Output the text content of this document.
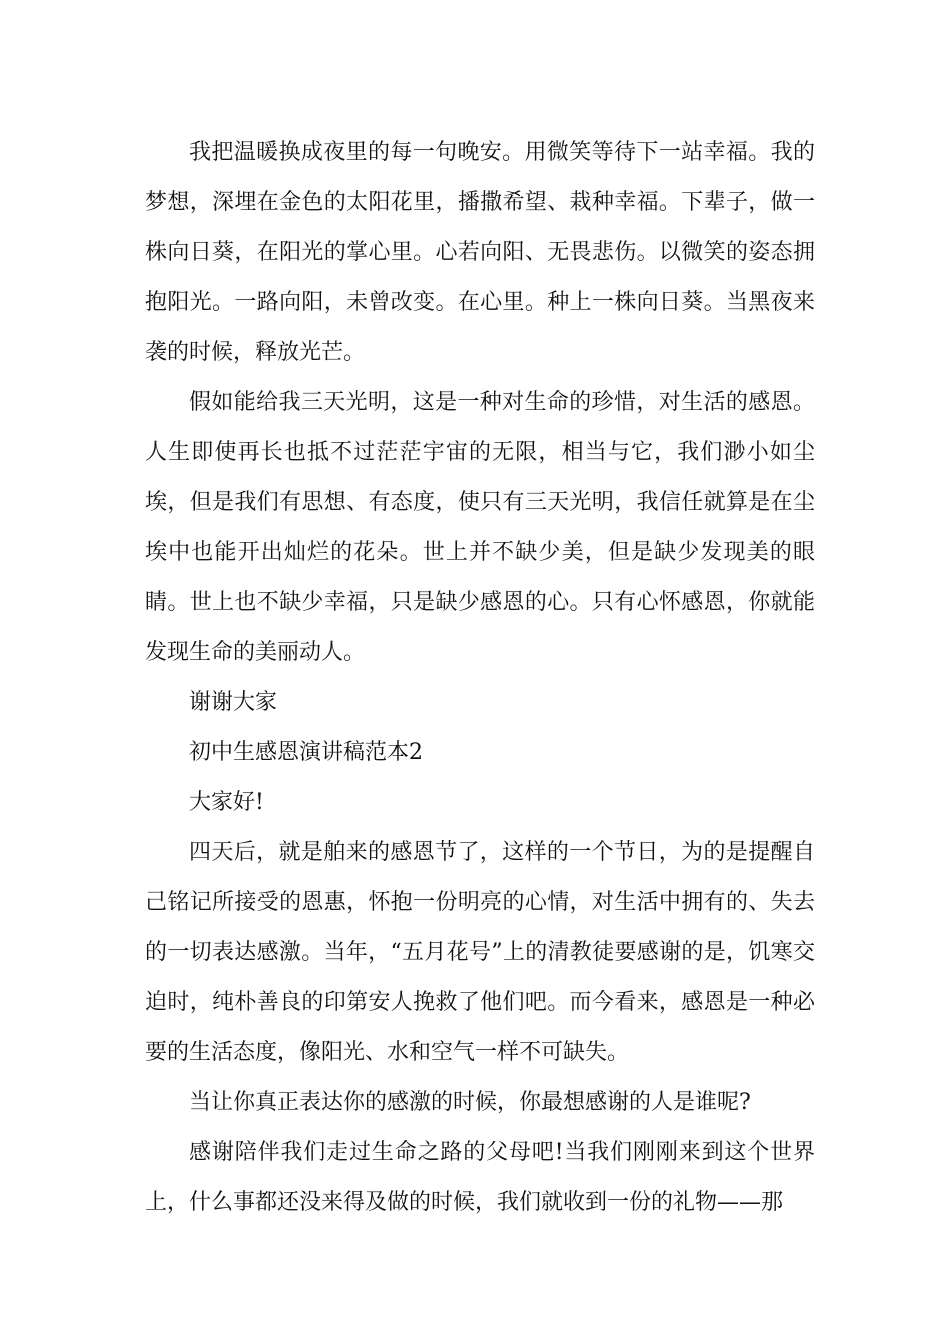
我把温暖换成夜里的每一句晚安。用微笑等待下一站幸福。我的梦想，深埋在金色的太阳花里，播撒希望、栽种幸福。下辈子，做一株向日葵，在阳光的掌心里。心若向阳、无畏悲伤。以微笑的姿态拥抱阳光。一路向阳，未曾改变。在心里。种上一株向日葵。当黑夜来袭的时候，释放光芒。

假如能给我三天光明，这是一种对生命的珍惜，对生活的感恩。人生即使再长也抵不过茫茫宇宙的无限，相当与它，我们渺小如尘埃，但是我们有思想、有态度，使只有三天光明，我信任就算是在尘埃中也能开出灿烂的花朵。世上并不缺少美，但是缺少发现美的眼睛。世上也不缺少幸福，只是缺少感恩的心。只有心怀感恩，你就能发现生命的美丽动人。

谢谢大家

初中生感恩演讲稿范本2

大家好!

四天后，就是舶来的感恩节了，这样的一个节日，为的是提醒自己铭记所接受的恩惠，怀抱一份明亮的心情，对生活中拥有的、失去的一切表达感激。当年，“五月花号”上的清教徒要感谢的是，饥寒交迫时，纯朴善良的印第安人挽救了他们吧。而今看来，感恩是一种必要的生活态度，像阳光、水和空气一样不可缺失。

当让你真正表达你的感激的时候，你最想感谢的人是谁呢?

感谢陪伴我们走过生命之路的父母吧!当我们刚刚来到这个世界上，什么事都还没来得及做的时候，我们就收到一份的礼物——那
